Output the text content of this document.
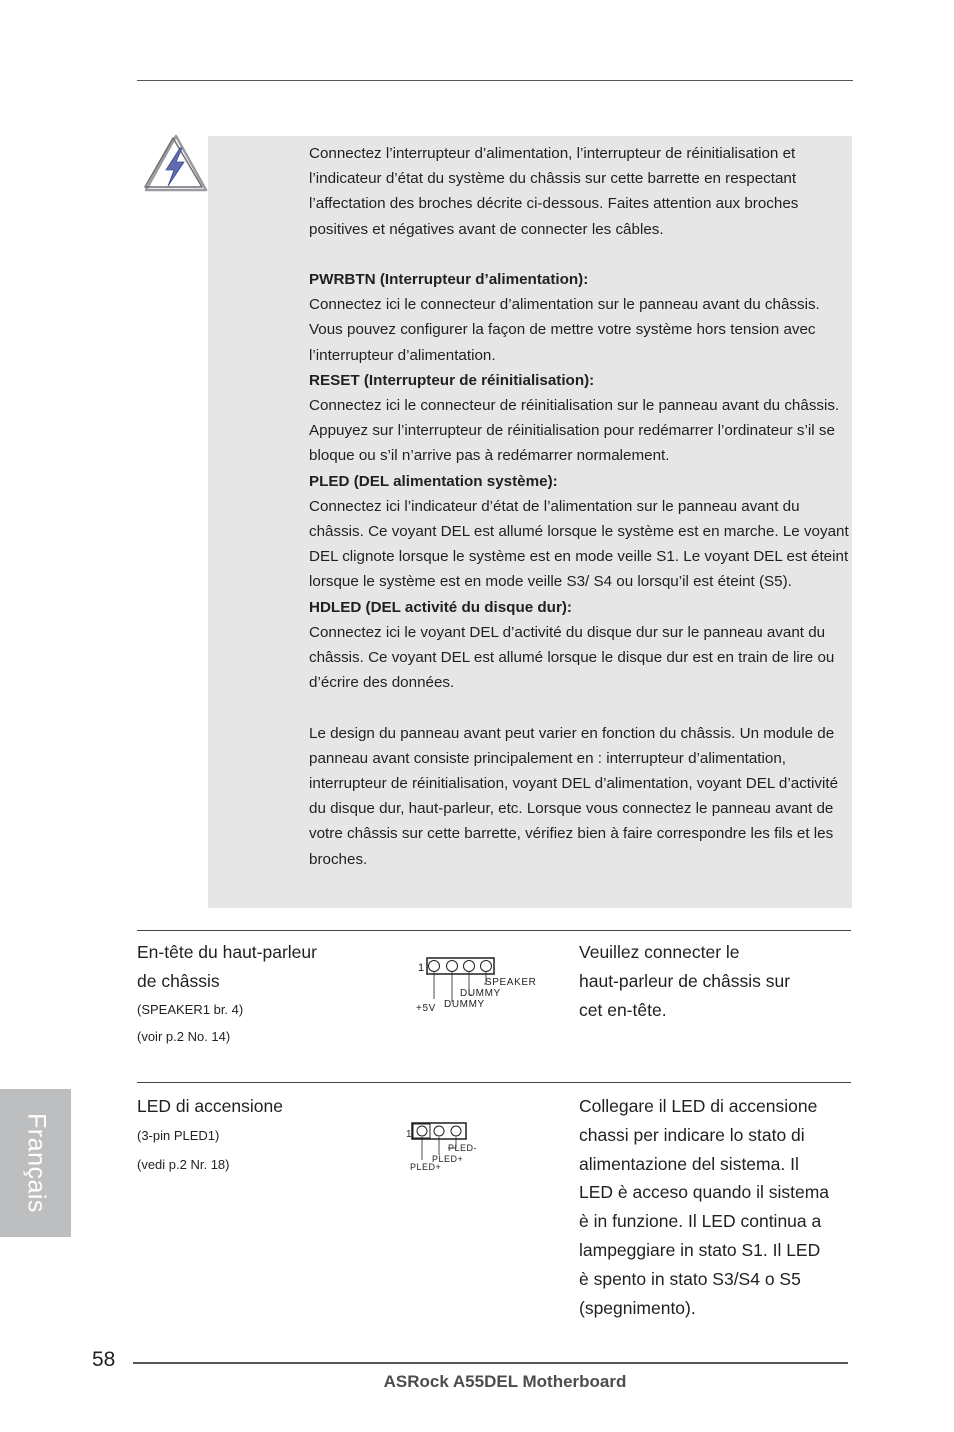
Connectez l’interrupteur d’alimentation, l’interrupteur de réinitialisation et l’indicateur d’état du système du châssis sur cette barrette en respectant l’affectation des broches décrite ci-dessous. Faites attention aux broches positives et négatives avant de connecter les câbles.

PWRBTN (Interrupteur d’alimentation):

Connectez ici le connecteur d’alimentation sur le panneau avant du châssis. Vous pouvez configurer la façon de mettre votre système hors tension avec l’interrupteur d’alimentation.

RESET (Interrupteur de réinitialisation):

Connectez ici le connecteur de réinitialisation sur le panneau avant du châssis. Appuyez sur l’interrupteur de réinitialisation pour redémarrer l’ordinateur s’il se bloque ou s’il n’arrive pas à redémarrer normalement.

PLED (DEL alimentation système):

Connectez ici l’indicateur d’état de l’alimentation sur le panneau avant du châssis. Ce voyant DEL est allumé lorsque le système est en marche. Le voyant DEL clignote lorsque le système est en mode veille S1. Le voyant DEL est éteint lorsque le système est en mode veille S3/ S4 ou lorsqu’il est éteint (S5).

HDLED (DEL activité du disque dur):

Connectez ici le voyant DEL d’activité du disque dur sur le panneau avant du châssis. Ce voyant DEL est allumé lorsque le disque dur est en train de lire ou d’écrire des données.

Le design du panneau avant peut varier en fonction du châssis. Un module de panneau avant consiste principalement en : interrupteur d’alimentation, interrupteur de réinitialisation, voyant DEL d’alimentation, voyant DEL d’activité du disque dur, haut-parleur, etc. Lorsque vous connectez le panneau avant de votre châssis sur cette barrette, vérifiez bien à faire correspondre les fils et les broches.

En-tête du haut-parleur
de châssis
(SPEAKER1 br. 4)
(voir p.2 No. 14)
1
SPEAKER
DUMMY
DUMMY
+5V
Veuillez connecter le
haut-parleur de châssis sur
cet en-tête.
LED di accensione
(3-pin PLED1)
(vedi p.2 Nr. 18)
1
PLED-
PLED+
PLED+
Collegare il LED di accensione
chassi per indicare lo stato di
alimentazione del sistema. Il
LED è acceso quando il sistema
è in funzione. Il LED continua a
lampeggiare in stato S1. Il LED
è spento in stato S3/S4 o S5
(spegnimento).
Français
58
ASRock A55DEL Motherboard
